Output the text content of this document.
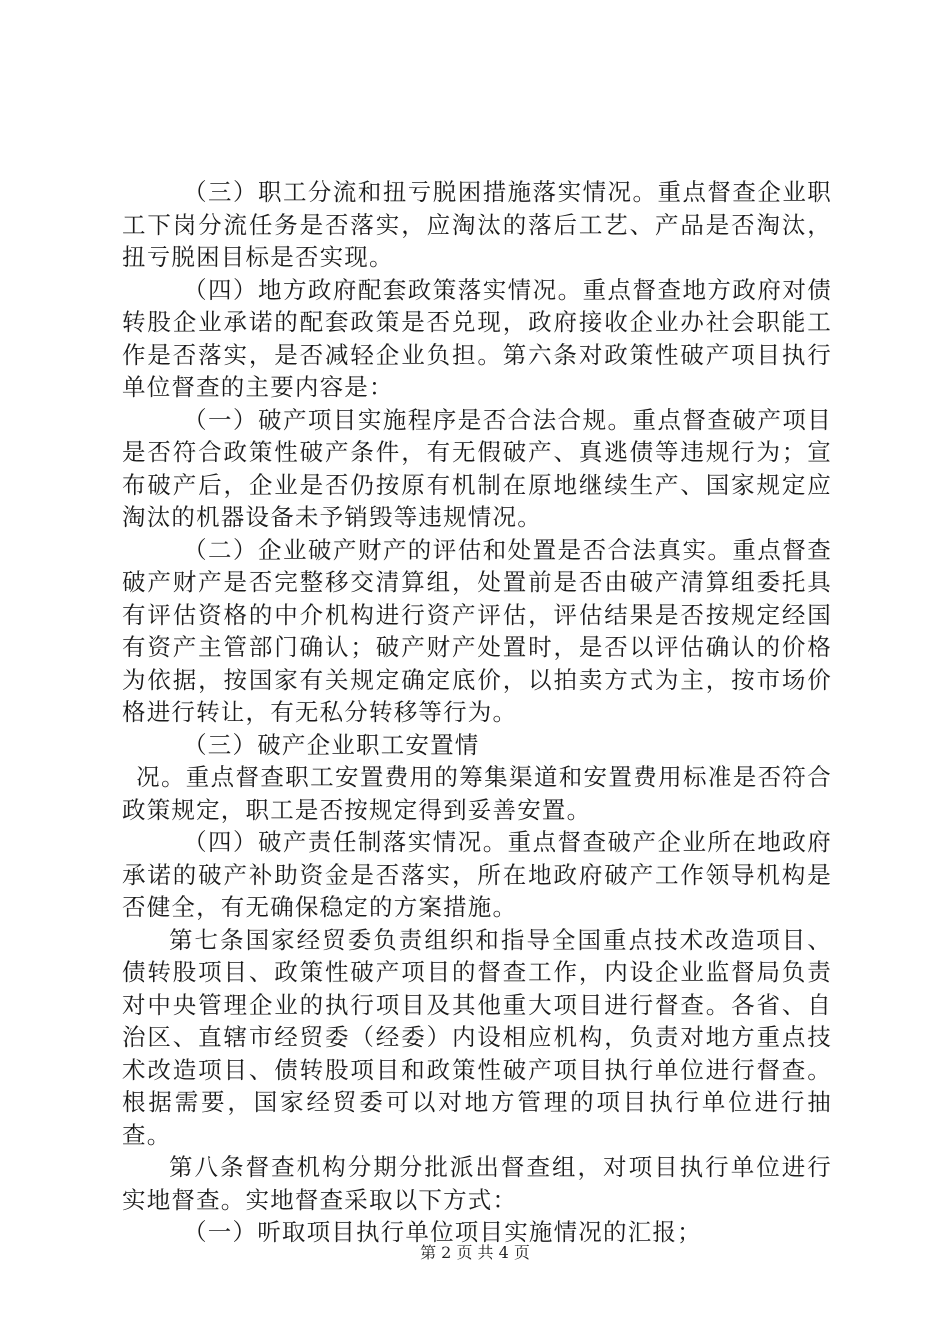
（三）职工分流和扭亏脱困措施落实情况。重点督查企业职工下岗分流任务是否落实，应淘汰的落后工艺、产品是否淘汰，扭亏脱困目标是否实现。

（四）地方政府配套政策落实情况。重点督查地方政府对债转股企业承诺的配套政策是否兑现，政府接收企业办社会职能工作是否落实，是否减轻企业负担。第六条对政策性破产项目执行单位督查的主要内容是：

（一）破产项目实施程序是否合法合规。重点督查破产项目是否符合政策性破产条件，有无假破产、真逃债等违规行为；宣布破产后，企业是否仍按原有机制在原地继续生产、国家规定应淘汰的机器设备未予销毁等违规情况。

（二）企业破产财产的评估和处置是否合法真实。重点督查破产财产是否完整移交清算组，处置前是否由破产清算组委托具有评估资格的中介机构进行资产评估，评估结果是否按规定经国有资产主管部门确认；破产财产处置时，是否以评估确认的价格为依据，按国家有关规定确定底价，以拍卖方式为主，按市场价格进行转让，有无私分转移等行为。

（三）破产企业职工安置情

况。重点督查职工安置费用的筹集渠道和安置费用标准是否符合政策规定，职工是否按规定得到妥善安置。

（四）破产责任制落实情况。重点督查破产企业所在地政府承诺的破产补助资金是否落实，所在地政府破产工作领导机构是否健全，有无确保稳定的方案措施。

第七条国家经贸委负责组织和指导全国重点技术改造项目、债转股项目、政策性破产项目的督查工作，内设企业监督局负责对中央管理企业的执行项目及其他重大项目进行督查。各省、自治区、直辖市经贸委（经委）内设相应机构，负责对地方重点技术改造项目、债转股项目和政策性破产项目执行单位进行督查。根据需要，国家经贸委可以对地方管理的项目执行单位进行抽查。

第八条督查机构分期分批派出督查组，对项目执行单位进行实地督查。实地督查采取以下方式：

（一）听取项目执行单位项目实施情况的汇报；

第 2 页 共 4 页
